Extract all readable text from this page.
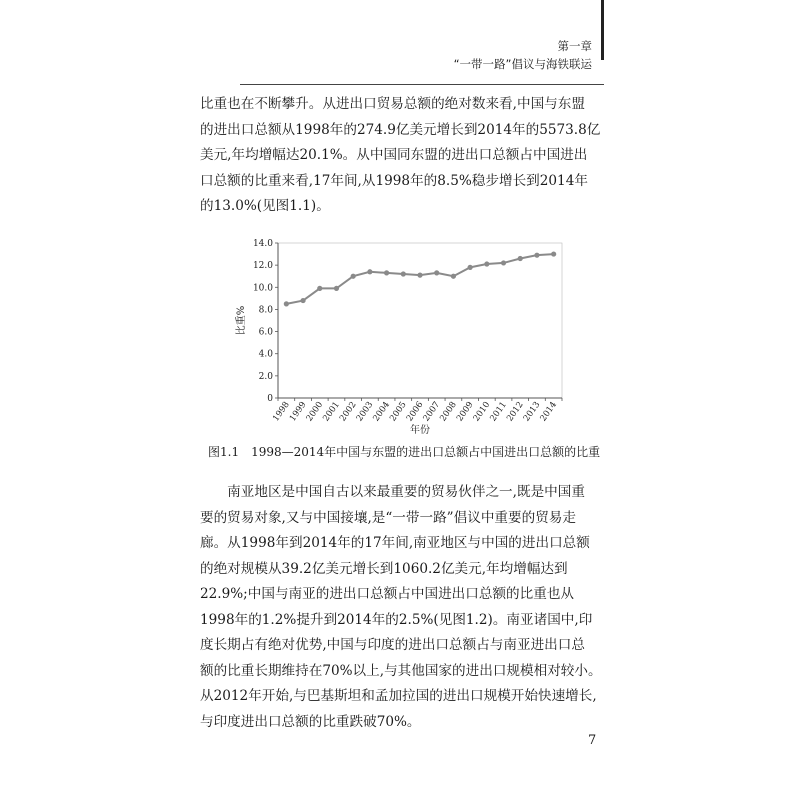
第一章
“一带一路”倡议与海铁联运
比重也在不断攀升。从进出口贸易总额的绝对数来看,中国与东盟
的进出口总额从1998年的274.9亿美元增长到2014年的5573.8亿
美元,年均增幅达20.1%。从中国同东盟的进出口总额占中国进出
口总额的比重来看,17年间,从1998年的8.5%稳步增长到2014年
的13.0%(见图1.1)。
0
2.0
4.0
6.0
8.0
10.0
12.0
14.0
1998
1999
2000
2001
2002
2003
2004
2005
2006
2007
2008
2009
2010
2011
2012
2013
2014
年份
比重%
图1.1　1998—2014年中国与东盟的进出口总额占中国进出口总额的比重
　　南亚地区是中国自古以来最重要的贸易伙伴之一,既是中国重
要的贸易对象,又与中国接壤,是“一带一路”倡议中重要的贸易走
廊。从1998年到2014年的17年间,南亚地区与中国的进出口总额
的绝对规模从39.2亿美元增长到1060.2亿美元,年均增幅达到
22.9%;中国与南亚的进出口总额占中国进出口总额的比重也从
1998年的1.2%提升到2014年的2.5%(见图1.2)。南亚诸国中,印
度长期占有绝对优势,中国与印度的进出口总额占与南亚进出口总
额的比重长期维持在70%以上,与其他国家的进出口规模相对较小。
从2012年开始,与巴基斯坦和孟加拉国的进出口规模开始快速增长,
与印度进出口总额的比重跌破70%。
7
